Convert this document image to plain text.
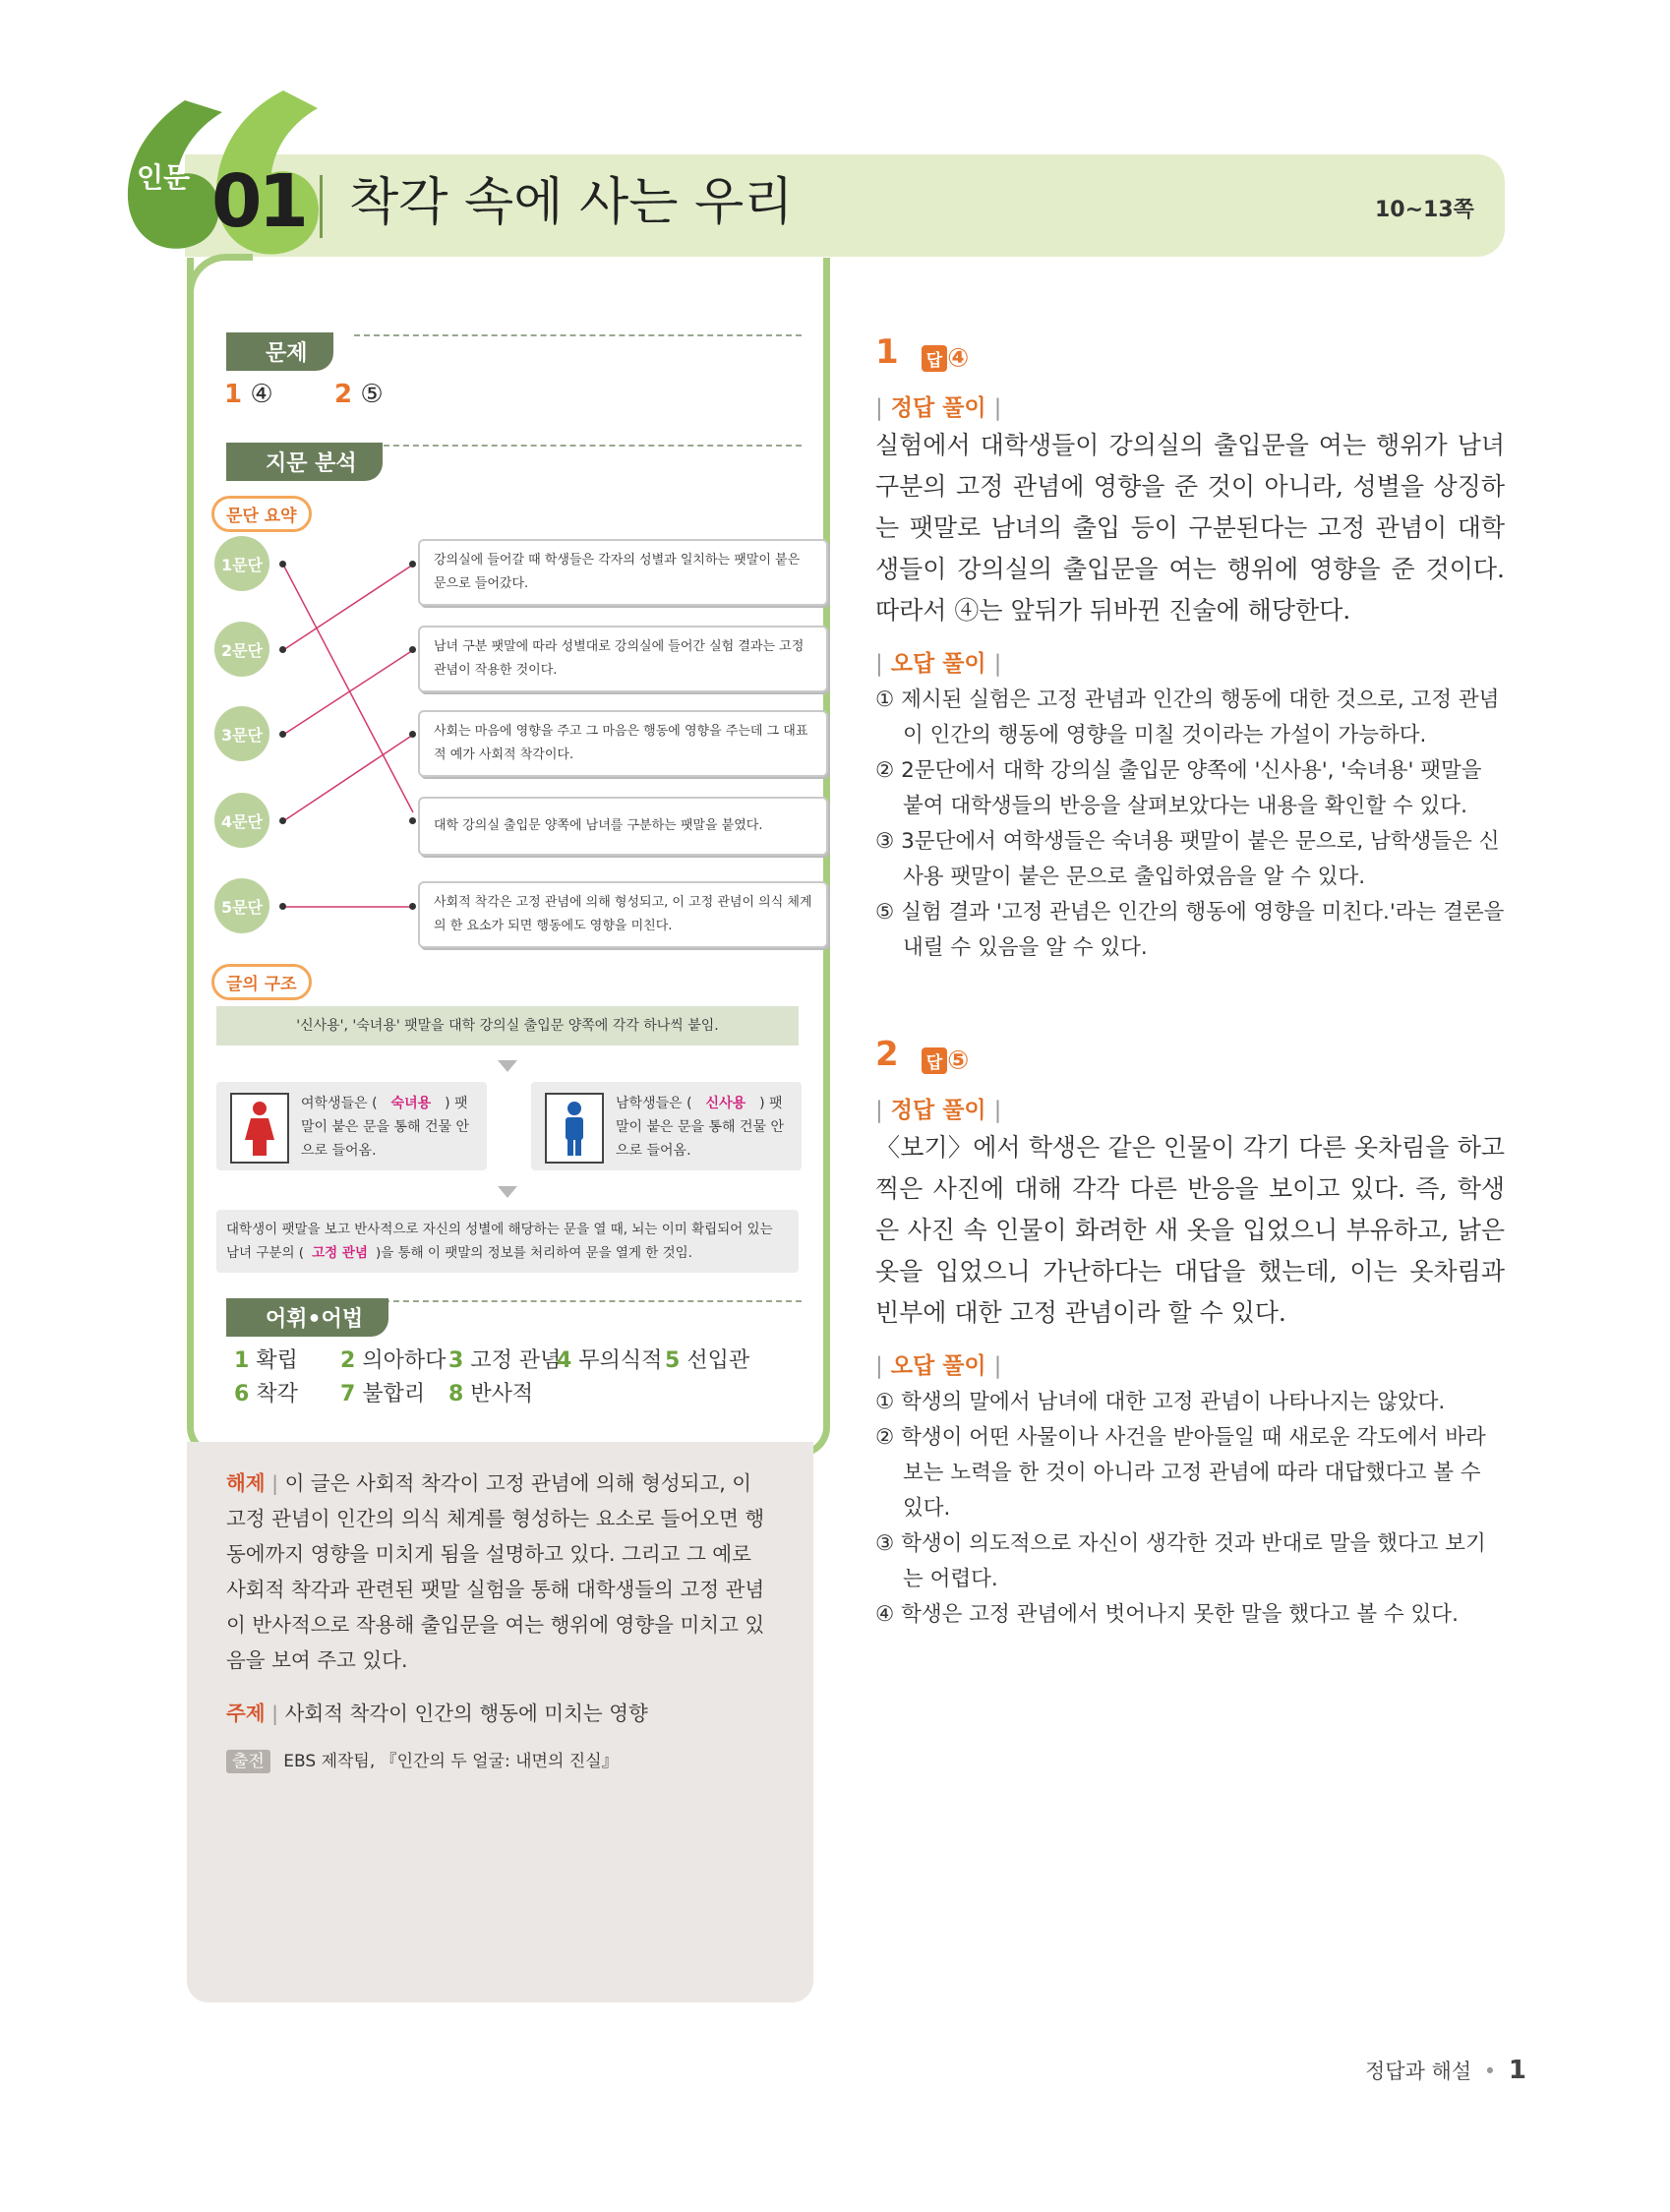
인문 01 착각 속에 사는 우리	10~13쪽
문제
1 ④ 2 ⑤
지문 분석
문단 요약
1문단
2문단
3문단
4문단
5문단
강의실에 들어갈 때 학생들은 각자의 성별과 일치하는 팻말이 붙은 문으로 들어갔다.
남녀 구분 팻말에 따라 성별대로 강의실에 들어간 실험 결과는 고정 관념이 작용한 것이다.
사회는 마음에 영향을 주고 그 마음은 행동에 영향을 주는데 그 대표적 예가 사회적 착각이다.
대학 강의실 출입문 양쪽에 남녀를 구분하는 팻말을 붙였다.
사회적 착각은 고정 관념에 의해 형성되고, 이 고정 관념이 의식 체계의 한 요소가 되면 행동에도 영향을 미친다.
글의 구조
'신사용', '숙녀용' 팻말을 대학 강의실 출입문 양쪽에 각각 하나씩 붙임.
여학생들은 ( 숙녀용 ) 팻말이 붙은 문을 통해 건물 안으로 들어옴.
남학생들은 ( 신사용 ) 팻말이 붙은 문을 통해 건물 안으로 들어옴.
대학생이 팻말을 보고 반사적으로 자신의 성별에 해당하는 문을 열 때, 뇌는 이미 확립되어 있는
남녀 구분의 ( 고정 관념 )을 통해 이 팻말의 정보를 처리하여 문을 열게 한 것임.
어휘•어법
1 확립 2 의아하다 3 고정 관념
4 무의식적 5 선입관
6 착각 7 불합리 8 반사적
해제 | 이 글은 사회적 착각이 고정 관념에 의해 형성되고, 이 고정 관념이 인간의 의식 체계를 형성하는 요소로 들어오면 행동에까지 영향을 미치게 됨을 설명하고 있다. 그리고 그 예로 사회적 착각과 관련된 팻말 실험을 통해 대학생들의 고정 관념이 반사적으로 작용해 출입문을 여는 행위에 영향을 미치고 있음을 보여 주고 있다.
주제 | 사회적 착각이 인간의 행동에 미치는 영향
출전 EBS 제작팀, 『인간의 두 얼굴: 내면의 진실』
1 답 ④
| 정답 풀이 |
실험에서 대학생들이 강의실의 출입문을 여는 행위가 남녀 구분의 고정 관념에 영향을 준 것이 아니라, 성별을 상징하는 팻말로 남녀의 출입 등이 구분된다는 고정 관념이 대학생들이 강의실의 출입문을 여는 행위에 영향을 준 것이다. 따라서 ④는 앞뒤가 뒤바뀐 진술에 해당한다.
| 오답 풀이 |
① 제시된 실험은 고정 관념과 인간의 행동에 대한 것으로, 고정 관념이 인간의 행동에 영향을 미칠 것이라는 가설이 가능하다.
② 2문단에서 대학 강의실 출입문 양쪽에 '신사용', '숙녀용' 팻말을 붙여 대학생들의 반응을 살펴보았다는 내용을 확인할 수 있다.
③ 3문단에서 여학생들은 숙녀용 팻말이 붙은 문으로, 남학생들은 신사용 팻말이 붙은 문으로 출입하였음을 알 수 있다.
⑤ 실험 결과 '고정 관념은 인간의 행동에 영향을 미친다.'라는 결론을 내릴 수 있음을 알 수 있다.
2 답 ⑤
| 정답 풀이 |
〈보기〉에서 학생은 같은 인물이 각기 다른 옷차림을 하고 찍은 사진에 대해 각각 다른 반응을 보이고 있다. 즉, 학생은 사진 속 인물이 화려한 새 옷을 입었으니 부유하고, 낡은 옷을 입었으니 가난하다는 대답을 했는데, 이는 옷차림과 빈부에 대한 고정 관념이라 할 수 있다.
| 오답 풀이 |
① 학생의 말에서 남녀에 대한 고정 관념이 나타나지는 않았다.
② 학생이 어떤 사물이나 사건을 받아들일 때 새로운 각도에서 바라보는 노력을 한 것이 아니라 고정 관념에 따라 대답했다고 볼 수 있다.
③ 학생이 의도적으로 자신이 생각한 것과 반대로 말을 했다고 보기는 어렵다.
④ 학생은 고정 관념에서 벗어나지 못한 말을 했다고 볼 수 있다.
정답과 해설 • 1
